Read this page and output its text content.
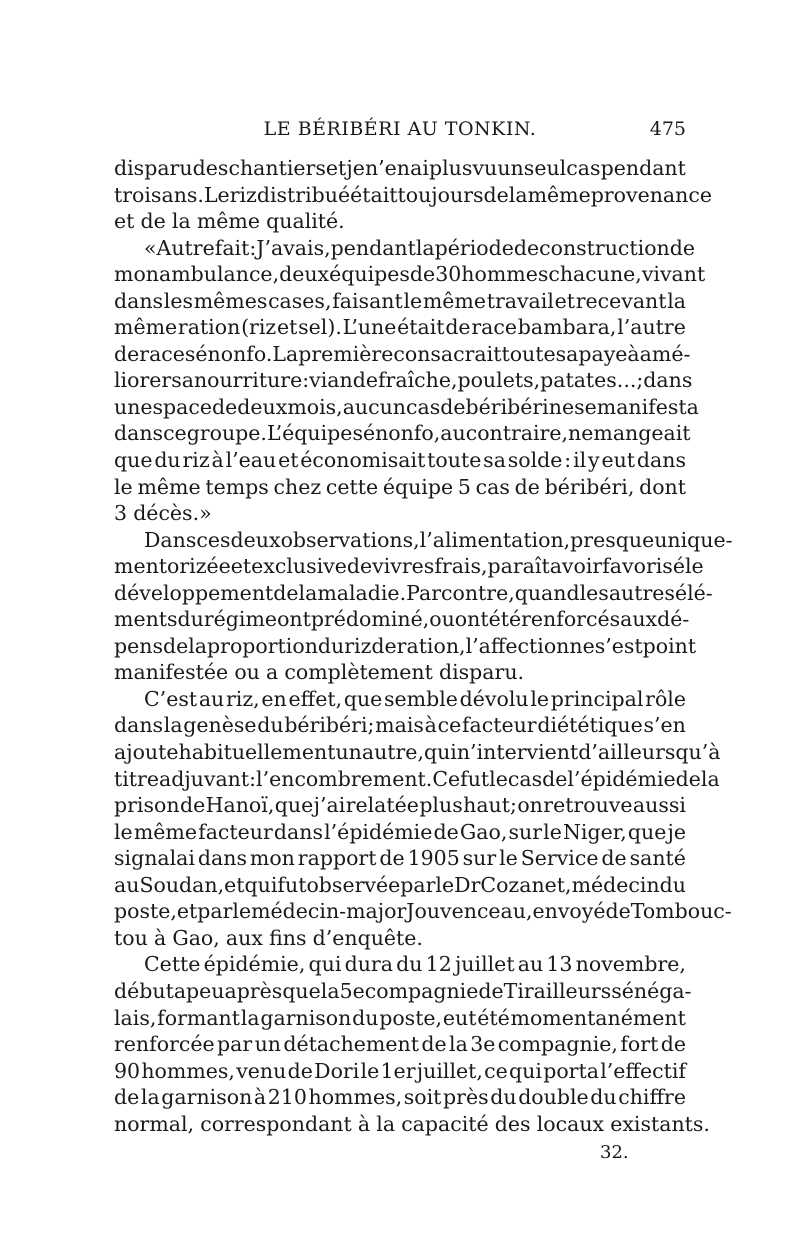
LE BÉRIBÉRI AU TONKIN.	475
disparu des chantiers et je n’en ai plus vu un seul cas pendant
trois ans. Le riz distribué était toujours de la même provenance
et de la même qualité.
«Autre fait : J’avais, pendant la période de construction de
mon ambulance, deux équipes de 30 hommes chacune, vivant
dans les mêmes cases, faisant le même travail et recevant la
même ration (riz et sel). L’une était de race bambara, l’autre
de race sénonfo. La première consacrait toute sa paye à amé-
liorer sa nourriture : viande fraîche, poulets, patates. . .; dans
un espace de deux mois, aucun cas de béribéri ne se manifesta
dans ce groupe. L’équipe sénonfo, au contraire, ne mangeait
que du riz à l’eau et économisait toute sa solde : il y eut dans
le même temps chez cette équipe 5 cas de béribéri, dont
3 décès.»
Dans ces deux observations, l’alimentation, presque unique-
ment orizée et exclusive de vivres frais, paraît avoir favorisé le
développement de la maladie. Par contre, quand les autres élé-
ments du régime ont prédominé, ou ont été renforcés aux dé-
pens de la proportion du riz de ration, l’affection ne s’est point
manifestée ou a complètement disparu.
C’est au riz, en effet, que semble dévolu le principal rôle
dans la genèse du béribéri; mais à ce facteur diététique s’en
ajoute habituellement un autre, qui n’intervient d’ailleurs qu’à
titre adjuvant : l’encombrement. Ce fut le cas de l’épidémie de la
prison de Hanoï, que j’ai relatée plus haut; on retrouve aussi
le même facteur dans l’épidémie de Gao, sur le Niger, que je
signalai dans mon rapport de 1905 sur le Service de santé
au Soudan, et qui fut observée par le Dr Cozanet, médecin du
poste, et par le médecin-major Jouvenceau, envoyé de Tombouc-
tou à Gao, aux fins d’enquête.
Cette épidémie, qui dura du 12 juillet au 13 novembre,
débuta peu après que la 5e compagnie de Tirailleurs sénéga-
lais, formant la garnison du poste, eut été momentanément
renforcée par un détachement de la 3e compagnie, fort de
90 hommes, venu de Dori le 1er juillet, ce qui porta l’effectif
de la garnison à 210 hommes, soit près du double du chiffre
normal, correspondant à la capacité des locaux existants.
32.
